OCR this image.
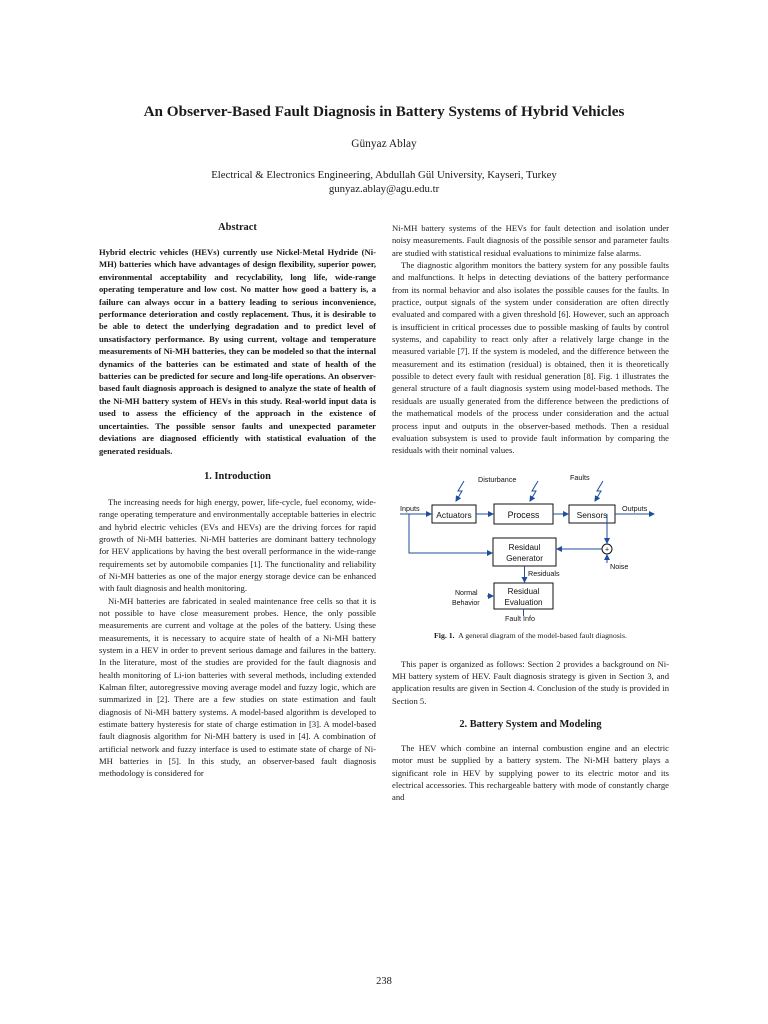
An Observer-Based Fault Diagnosis in Battery Systems of Hybrid Vehicles
Günyaz Ablay
Electrical & Electronics Engineering, Abdullah Gül University, Kayseri, Turkey
gunyaz.ablay@agu.edu.tr
Abstract

Hybrid electric vehicles (HEVs) currently use Nickel-Metal Hydride (Ni-MH) batteries which have advantages of design flexibility, superior power, environmental acceptability and recyclability, long life, wide-range operating temperature and low cost. No matter how good a battery is, a failure can always occur in a battery leading to serious inconvenience, performance deterioration and costly replacement. Thus, it is desirable to be able to detect the underlying degradation and to predict level of unsatisfactory performance. By using current, voltage and temperature measurements of Ni-MH batteries, they can be modeled so that the internal dynamics of the batteries can be estimated and state of health of the batteries can be predicted for secure and long-life operations. An observer-based fault diagnosis approach is designed to analyze the state of health of the Ni-MH battery system of HEVs in this study. Real-world input data is used to assess the efficiency of the approach in the existence of uncertainties. The possible sensor faults and unexpected parameter deviations are diagnosed efficiently with statistical evaluation of the generated residuals.

1. Introduction

The increasing needs for high energy, power, life-cycle, fuel economy, wide-range operating temperature and environmentally acceptable batteries in electric and hybrid electric vehicles (EVs and HEVs) are the driving forces for rapid growth of Ni-MH batteries. Ni-MH batteries are dominant battery technology for HEV applications by having the best overall performance in the wide-range requirements set by automobile companies [1]. The functionality and reliability of Ni-MH batteries as one of the major energy storage device can be enhanced with fault diagnosis and health monitoring.

Ni-MH batteries are fabricated in sealed maintenance free cells so that it is not possible to have close measurement probes. Hence, the only possible measurements are current and voltage at the poles of the battery. Using these measurements, it is necessary to acquire state of health of a Ni-MH battery system in a HEV in order to prevent serious damage and failures in the battery. In the literature, most of the studies are provided for the fault diagnosis and health monitoring of Li-ion batteries with several methods, including extended Kalman filter, autoregressive moving average model and fuzzy logic, which are summarized in [2]. There are a few studies on state estimation and fault diagnosis of Ni-MH battery systems. A model-based algorithm is developed to estimate battery hysteresis for state of charge estimation in [3]. A model-based fault diagnosis algorithm for Ni-MH battery is used in [4]. A combination of artificial network and fuzzy interface is used to estimate state of charge of Ni-MH batteries in [5]. In this study, an observer-based fault diagnosis methodology is considered for

Ni-MH battery systems of the HEVs for fault detection and isolation under noisy measurements. Fault diagnosis of the possible sensor and parameter faults are studied with statistical residual evaluations to minimize false alarms.

The diagnostic algorithm monitors the battery system for any possible faults and malfunctions. It helps in detecting deviations of the battery performance from its normal behavior and also isolates the possible causes for the faults. In practice, output signals of the system under consideration are often directly evaluated and compared with a given threshold [6]. However, such an approach is insufficient in critical processes due to possible masking of faults by control systems, and capability to react only after a relatively large change in the measured variable [7]. If the system is modeled, and the difference between the measurement and its estimation (residual) is obtained, then it is theoretically possible to detect every fault with residual generation [8]. Fig. 1 illustrates the general structure of a fault diagnosis system using model-based methods. The residuals are usually generated from the difference between the predictions of the mathematical models of the process under consideration and the actual process input and outputs in the observer-based methods. Then a residual evaluation subsystem is used to provide fault information by comparing the residuals with their nominal values.

Disturbance	Faults
Inputs	Outputs
Actuators	Process	Sensors
+
Noise
Residaul
Generator
Residuals
Residual
Evaluation
Normal
Behavior
Fault Info

Fig. 1. A general diagram of the model-based fault diagnosis.

This paper is organized as follows: Section 2 provides a background on Ni-MH battery system of HEV. Fault diagnosis strategy is given in Section 3, and application results are given in Section 4. Conclusion of the study is provided in Section 5.

2. Battery System and Modeling

The HEV which combine an internal combustion engine and an electric motor must be supplied by a battery system. The Ni-MH battery plays a significant role in HEV by supplying power to its electric motor and its electrical accessories. This rechargeable battery with mode of constantly charge and

238
